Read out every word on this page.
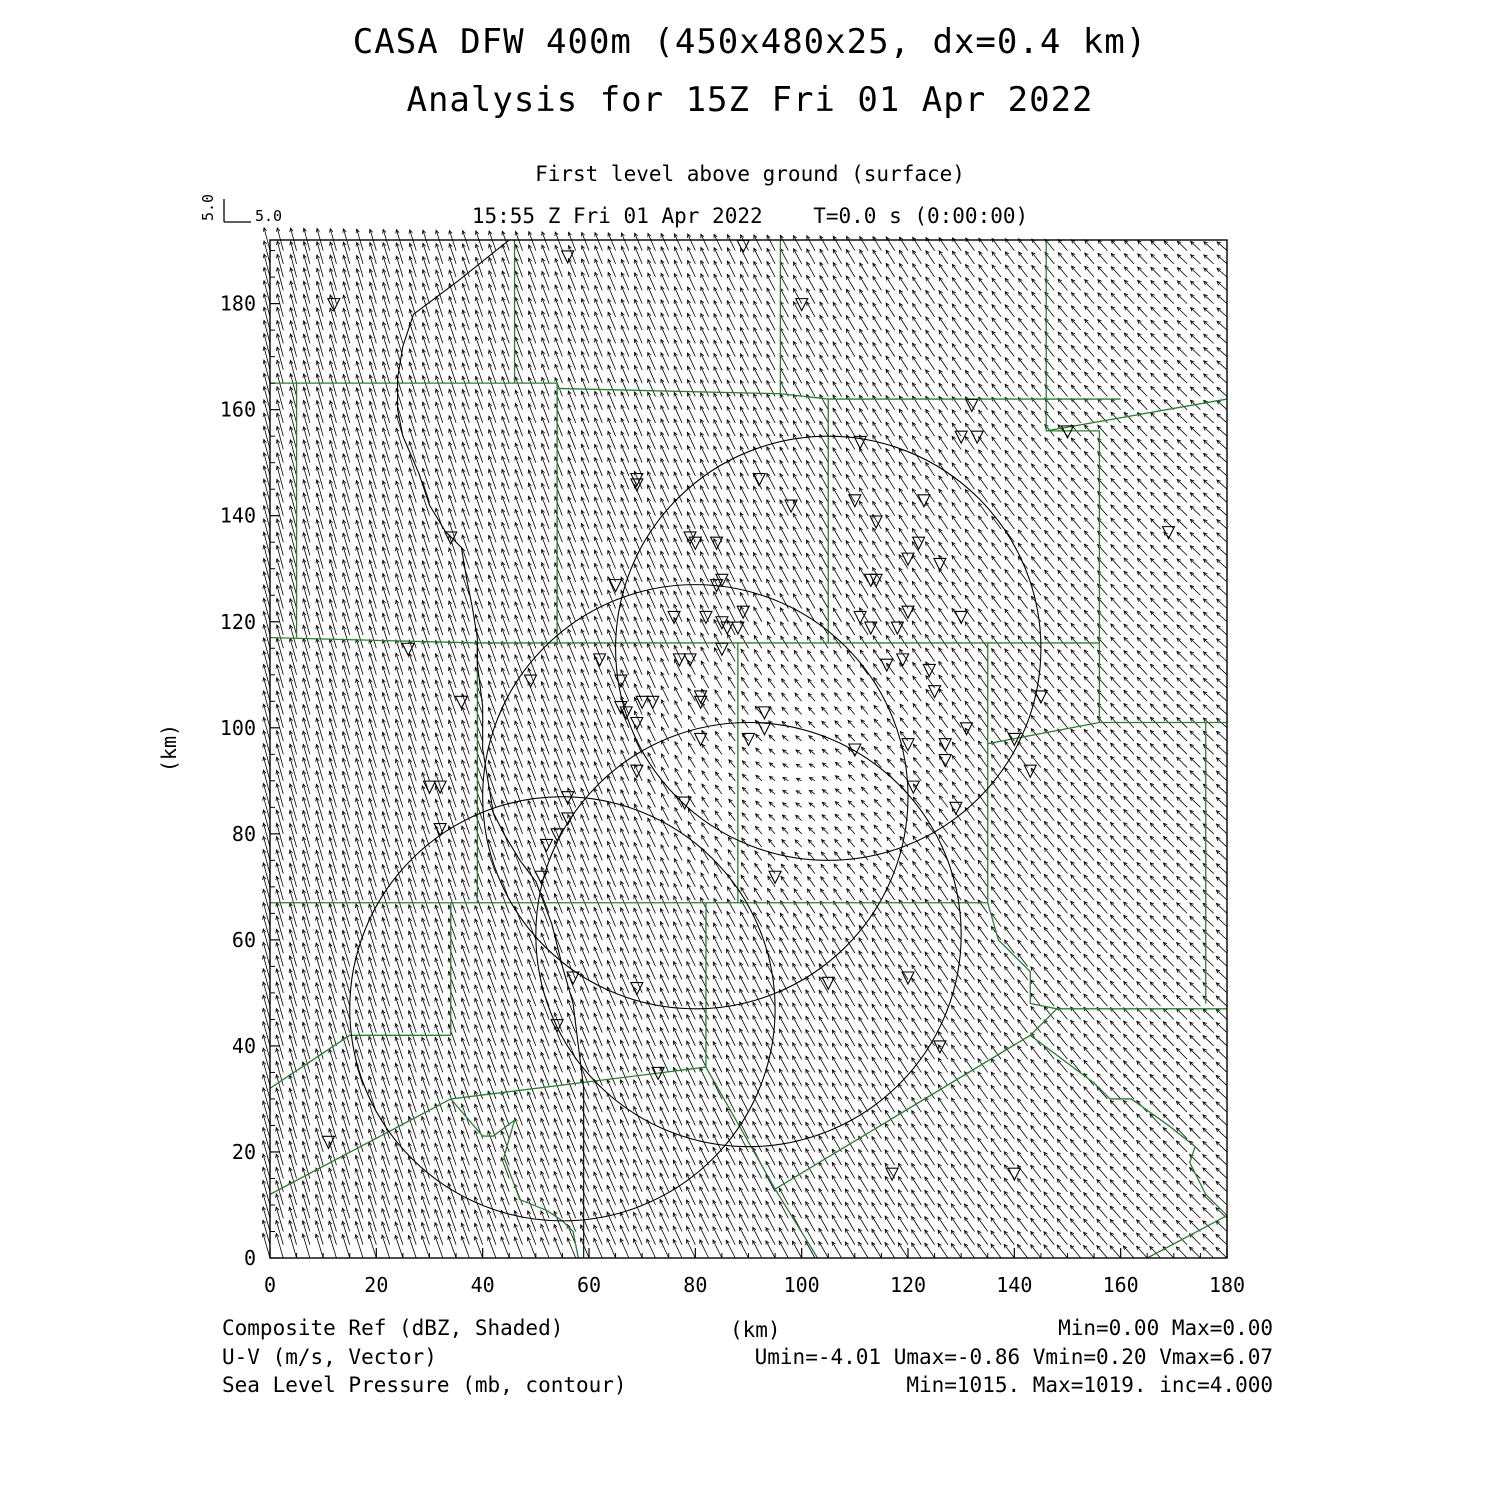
CASA DFW 400m (450x480x25, dx=0.4 km)
Analysis for 15Z Fri 01 Apr 2022
First level above ground (surface)
15:55 Z Fri 01 Apr 2022    T=0.0 s (0:00:00)
5.0
5.0
0	20	40	60	80	100	120	140	160	180
0
20
40
60
80
100
120
140
160
180
(km)
Composite Ref (dBZ, Shaded)	(km)	Min=0.00 Max=0.00
U-V (m/s, Vector)	Umin=-4.01 Umax=-0.86 Vmin=0.20 Vmax=6.07
Sea Level Pressure (mb, contour)	Min=1015. Max=1019. inc=4.000
